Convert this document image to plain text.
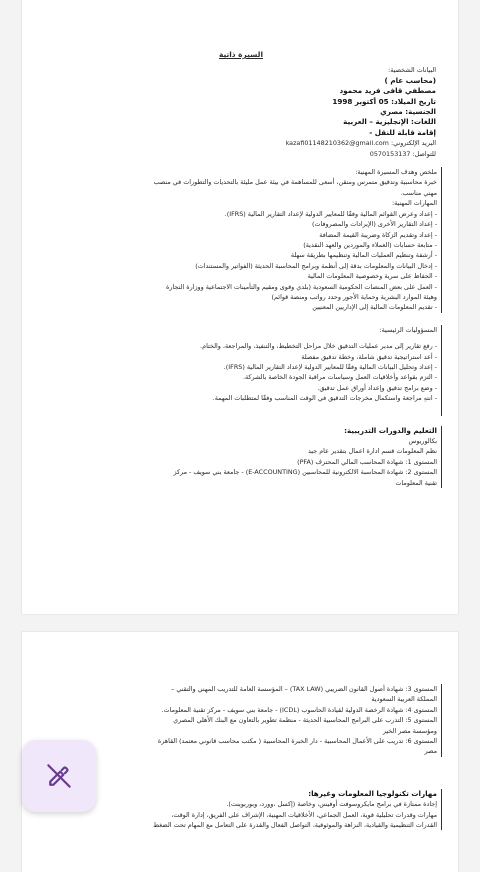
السيرة ذاتية
البيانات الشخصية:
(محاسب عام )
مصطفي قافى فريد محمود
تاريخ الميلاد: 05 أكتوبر 1998
الجنسية: مصري
اللغات: الإنجليزية – العربية
إقامة قابلة للنقل -
البريد الإلكتروني: kazafi01148210362@gmail.com
للتواصل: 0570153137
ملخص وهدف المسيرة المهنية:
خبرة محاسبية وتدقيق متمرس ومتقن، أسعى للمساهمة في بيئة عمل مليئة بالتحديات والتطورات في منصب
مهني مناسب.
المهارات المهنية:
- إعداد وعرض القوائم المالية وفقًا للمعايير الدولية لإعداد التقارير المالية (IFRS).
- إعداد التقارير الأخرى (الإيرادات والمصروفات)
- إعداد وتقديم الزكاة وضريبة القيمة المضافة
- متابعة حسابات (العملاء والموردين والعهد النقدية)
- أرشفة وتنظيم العمليات المالية وتنظيمها بطريقة سهلة
- إدخال البيانات والمعلومات بدقة إلى أنظمة وبرامج المحاسبة الحديثة (الفواتير والمستندات)
- الحفاظ على سرية وخصوصية المعلومات المالية
- العمل على بعض المنصات الحكومية السعودية (بلدي وقوى ومقيم والتأمينات الاجتماعية ووزارة التجارة
وهيئة الموارد البشرية وحماية الأجور وحدد رواتب ومنصة قوائم)
- تقديم المعلومات المالية إلى الإداريين المعنيين
المسؤوليات الرئيسية:
- رفع تقارير إلى مدير عمليات التدقيق خلال مراحل التخطيط، والتنفيذ، والمراجعة، والختام.
- أعد استراتيجية تدقيق شاملة، وخطة تدقيق مفصلة
- إعداد وتحليل البيانات المالية وفقًا للمعايير الدولية لإعداد التقارير المالية (IFRS).
- التزم بقواعد وأخلاقيات العمل وسياسات مراقبة الجودة الخاصة بالشركة.
- وضع برامج تدقيق وإعداد أوراق عمل تدقيق.
- انتهِ مراجعة واستكمال مخرجات التدقيق في الوقت المناسب وفقًا لمتطلبات المهمة.
التعليم والدورات التدريبية:
بكالوريوس
نظم المعلومات قسم ادارة اعمال بتقدير عام جيد
المستوى 1: شهادة المحاسب المالي المحترف (PFA)
المستوى 2: شهادة المحاسبة الالكترونية للمحاسبين (E-ACCOUNTING) - جامعة بني سويف - مركز
تقنية المعلومات
المستوى 3: شهادة أصول القانون الضريبي (TAX LAW) – المؤسسة العامة للتدريب المهني والتقني –
المملكة العربية السعودية
المستوى 4: شهادة الرخصة الدولية لقيادة الحاسوب (ICDL) - جامعة بني سويف - مركز تقنية المعلومات.
المستوى 5: التدرب على البرامج المحاسبية الحديثة - منظمة تطوير بالتعاون مع البنك الأهلي المصري
ومؤسسة مصر الخير
المستوى 6: تدريب على الأعمال المحاسبية - دار الخبرة المحاسبية ( مكتب محاسب قانوني معتمد) القاهرة
مصر
مهارات تكنولوجيا المعلومات وغيرها:
إجادة ممتازة في برامج مايكروسوفت أوفيس، وخاصة (إكسل ،وورد، وبوربوينت).
مهارات وقدرات تحليلية قوية، العمل الجماعي، الأخلاقيات المهنية، الإشراف على الفريق، إدارة الوقت،
القدرات التنظيمية والقيادية، النزاهة والموثوقية، التواصل الفعال والقدرة على التعامل مع المهام تحت الضغط
